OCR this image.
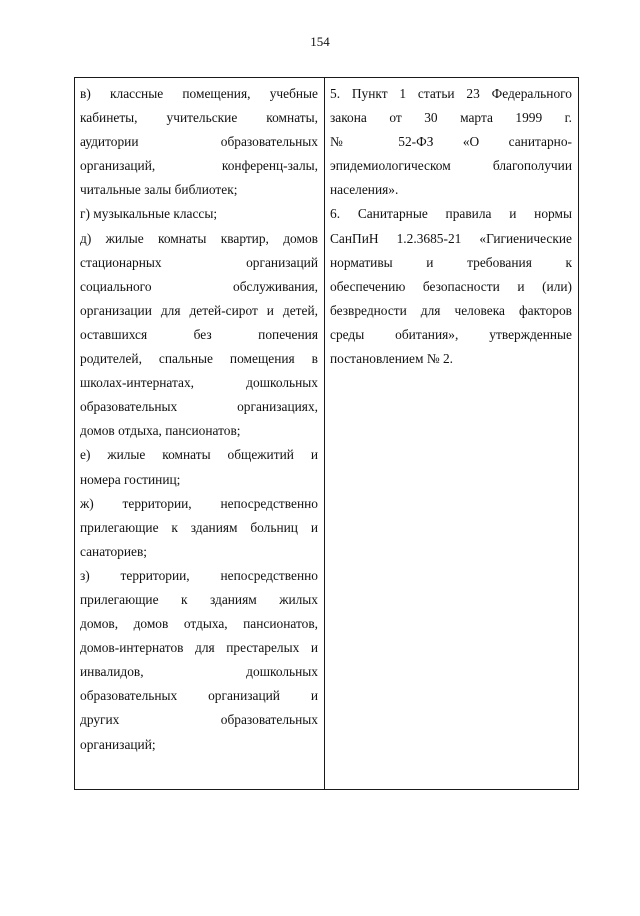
154
в) классные помещения, учебные
кабинеты, учительские комнаты,
аудитории образовательных
организаций, конференц-залы,
читальные залы библиотек;
г) музыкальные классы;
д) жилые комнаты квартир, домов
стационарных организаций
социального обслуживания,
организации для детей-сирот и детей,
оставшихся без попечения
родителей, спальные помещения в
школах-интернатах, дошкольных
образовательных организациях,
домов отдыха, пансионатов;
е) жилые комнаты общежитий и
номера гостиниц;
ж) территории, непосредственно
прилегающие к зданиям больниц и
санаториев;
з) территории, непосредственно
прилегающие к зданиям жилых
домов, домов отдыха, пансионатов,
домов-интернатов для престарелых и
инвалидов, дошкольных
образовательных организаций и
других образовательных
организаций;

5. Пункт 1 статьи 23 Федерального
закона от 30 марта 1999 г.
№ 52-ФЗ «О санитарно-
эпидемиологическом благополучии
населения».
6. Санитарные правила и нормы
СанПиН 1.2.3685-21 «Гигиенические
нормативы и требования к
обеспечению безопасности и (или)
безвредности для человека факторов
среды обитания», утвержденные
постановлением № 2.
